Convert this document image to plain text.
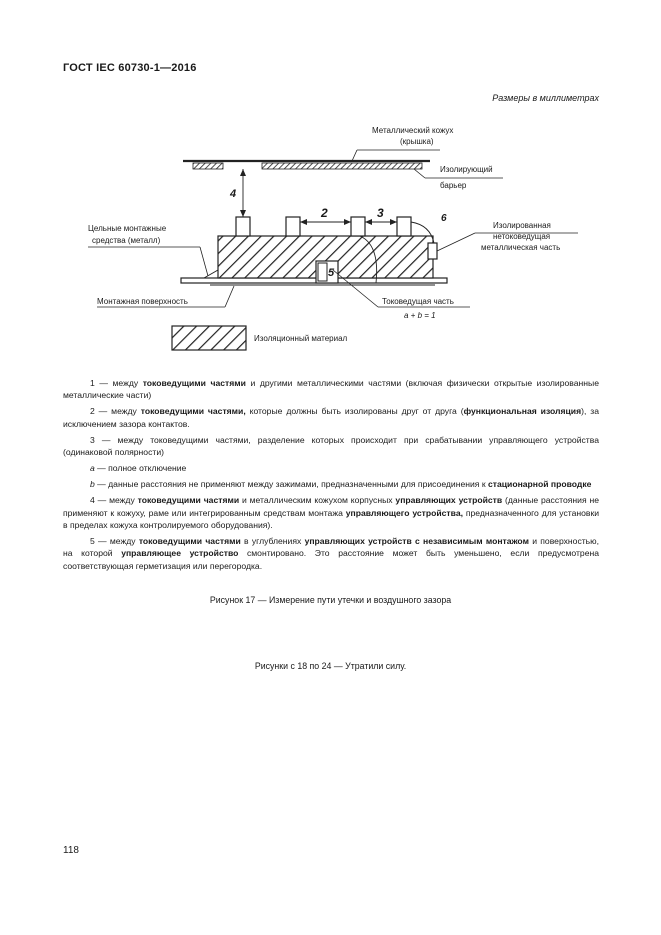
ГОСТ IEC 60730-1—2016
Размеры в миллиметрах
4
2	3	6
5
Металлический кожух
(крышка)
Изолирующий
барьер
Цельные монтажные
средства (металл)
Изолированная
нетоковедущая
металлическая часть
Монтажная поверхность	Токоведущая часть
a + b = 1
Изоляционный материал

1 — между токоведущими частями и другими металлическими частями (включая физически открытые изолированные металлические части)

2 — между токоведущими частями, которые должны быть изолированы друг от друга (функциональная изоляция), за исключением зазора контактов.

3 — между токоведущими частями, разделение которых происходит при срабатывании управляющего устройства (одинаковой полярности)

a — полное отключение

b — данные расстояния не применяют между зажимами, предназначенными для присоединения к стационарной проводке

4 — между токоведущими частями и металлическим кожухом корпусных управляющих устройств (данные расстояния не применяют к кожуху, раме или интегрированным средствам монтажа управляющего устройства, предназначенного для установки в пределах кожуха контролируемого оборудования).

5 — между токоведущими частями в углублениях управляющих устройств с независимым монтажом и поверхностью, на которой управляющее устройство смонтировано. Это расстояние может быть уменьшено, если предусмотрена соответствующая герметизация или перегородка.

Рисунок 17 — Измерение пути утечки и воздушного зазора
Рисунки с 18 по 24 — Утратили силу.
118
